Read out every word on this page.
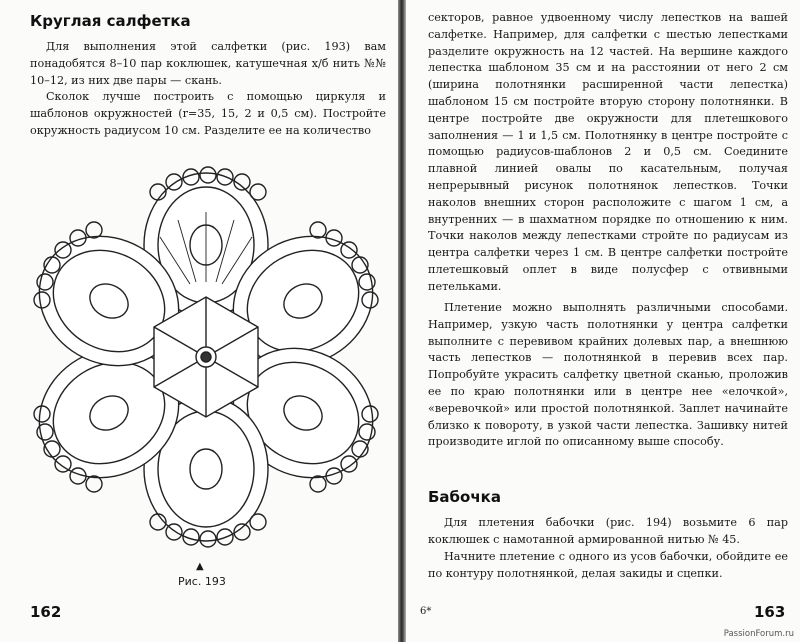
Круглая салфетка

Для выполнения этой салфетки (рис. 193) вам понадобятся 8–10 пар коклюшек, катушечная х/б нить №№ 10–12, из них две пары — скань.

Сколок лучше построить с помощью циркуля и шаблонов окружностей (r=35, 15, 2 и 0,5 см). Постройте окружность радиусом 10 см. Разделите ее на количество

▲
Рис. 193
162

секторов, равное удвоенному числу лепестков на вашей салфетке. Например, для салфетки с шестью лепестками разделите окружность на 12 частей. На вершине каждого лепестка шаблоном 35 см и на расстоянии от него 2 см (ширина полотнянки расширенной части лепестка) шаблоном 15 см постройте вторую сторону полотнянки. В центре постройте две окружности для плетешкового заполнения — 1 и 1,5 см. Полотнянку в центре постройте с помощью радиусов-шаблонов 2 и 0,5 см. Соедините плавной линией овалы по касательным, получая непрерывный рисунок полотнянок лепестков. Точки наколов внешних сторон расположите с шагом 1 см, а внутренних — в шахматном порядке по отношению к ним. Точки наколов между лепестками стройте по радиусам из центра салфетки через 1 см. В центре салфетки постройте плетешковый оплет в виде полусфер с отвивными петельками.

Плетение можно выполнять различными способами. Например, узкую часть полотнянки у центра салфетки выполните с перевивом крайних долевых пар, а внешнюю часть лепестков — полотнянкой в перевив всех пар. Попробуйте украсить салфетку цветной сканью, проложив ее по краю полотнянки или в центре нее «елочкой», «веревочкой» или простой полотнянкой. Заплет начинайте близко к повороту, в узкой части лепестка. Зашивку нитей производите иглой по описанному выше способу.

Бабочка

Для плетения бабочки (рис. 194) возьмите 6 пар коклюшек с намотанной армированной нитью № 45.

Начните плетение с одного из усов бабочки, обойдите ее по контуру полотнянкой, делая закиды и сцепки.

6*	163
PassionForum.ru
